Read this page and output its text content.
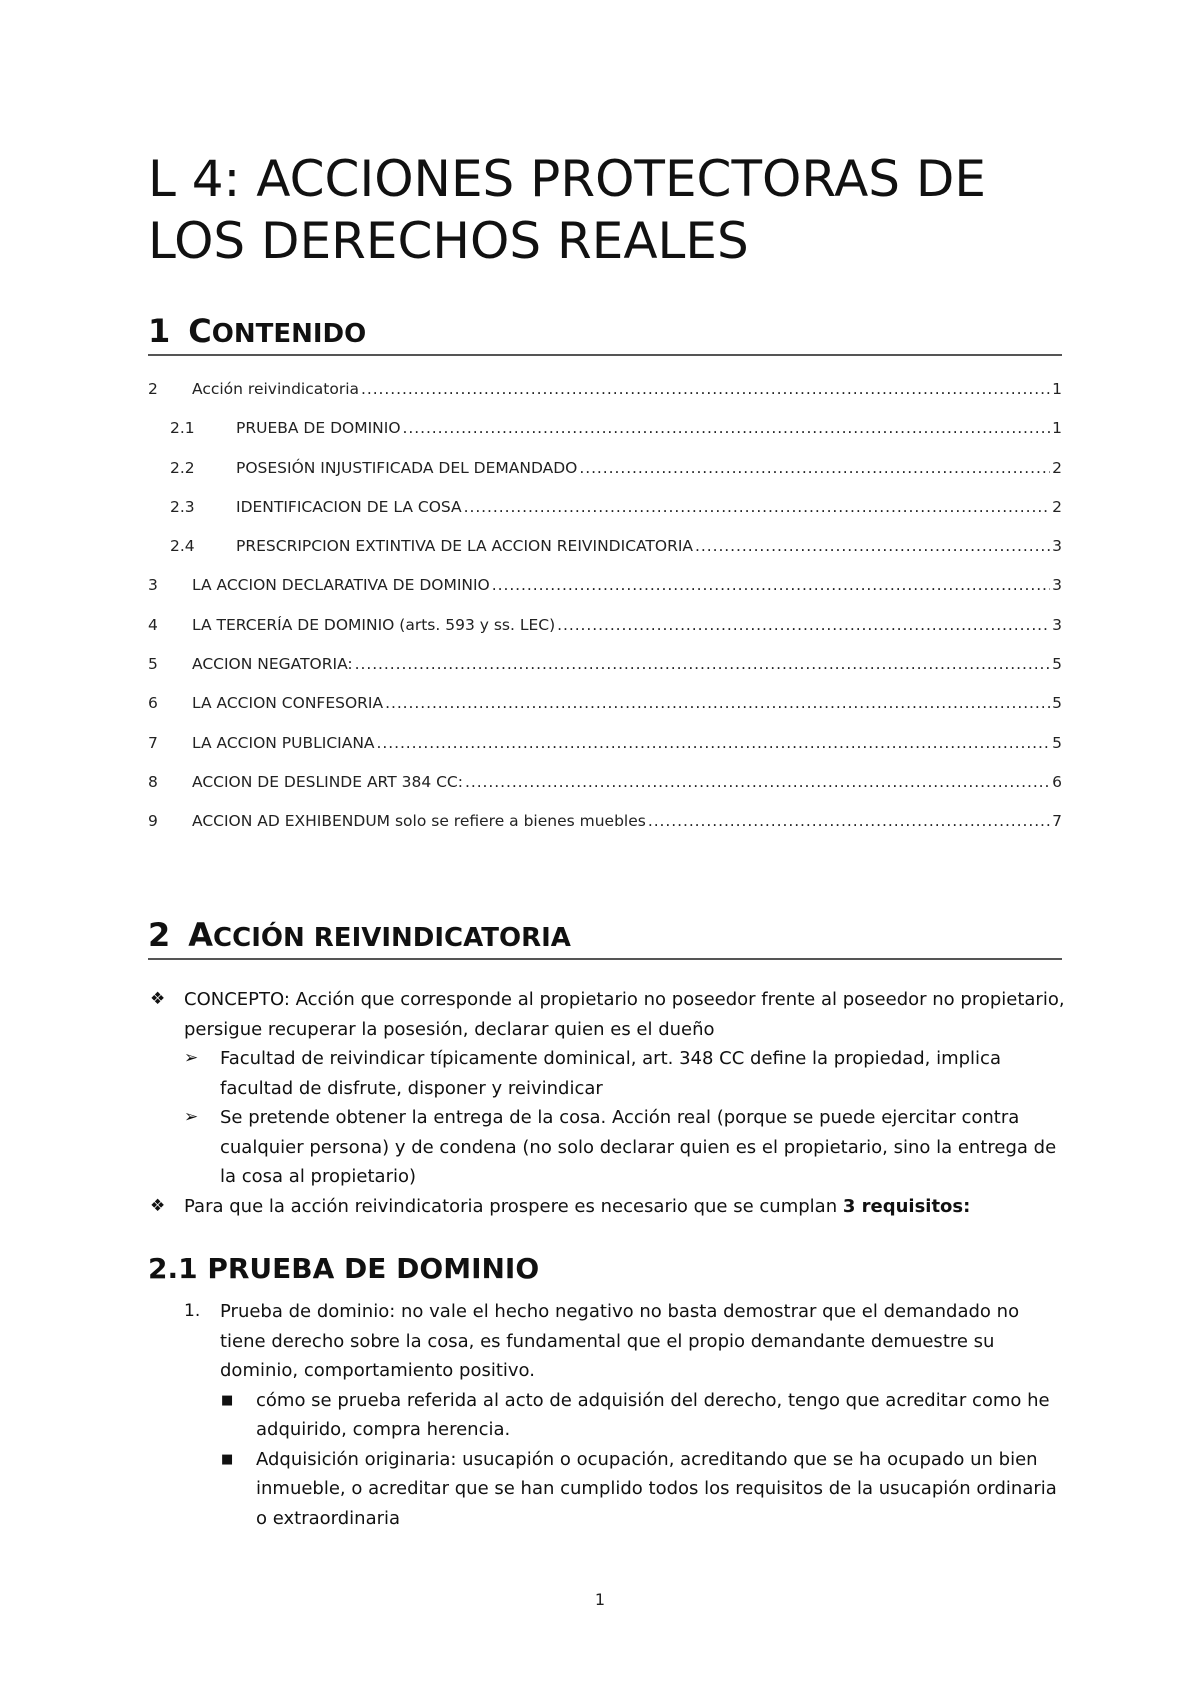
L 4: ACCIONES PROTECTORAS DE LOS DERECHOS REALES
1 CONTENIDO
2	Acción reivindicatoria . . .	1
2.1	PRUEBA DE DOMINIO . . .	1
2.2	POSESIÓN INJUSTIFICADA DEL DEMANDADO . . .	2
2.3	IDENTIFICACION DE LA COSA . . .	2
2.4	PRESCRIPCION EXTINTIVA DE LA ACCION REIVINDICATORIA . . .	3
3	LA ACCION DECLARATIVA DE DOMINIO . . .	3
4	LA TERCERÍA DE DOMINIO (arts. 593 y ss. LEC) . . .	3
5	ACCION NEGATORIA: . . .	5
6	LA ACCION CONFESORIA . . .	5
7	LA ACCION PUBLICIANA . . .	5
8	ACCION DE DESLINDE ART 384 CC: . . .	6
9	ACCION AD EXHIBENDUM solo se refiere a bienes muebles . . .	7
2 ACCIÓN REIVINDICATORIA
❖ CONCEPTO: Acción que corresponde al propietario no poseedor frente al poseedor no propietario, persigue recuperar la posesión, declarar quien es el dueño
➢ Facultad de reivindicar típicamente dominical, art. 348 CC define la propiedad, implica facultad de disfrute, disponer y reivindicar
➢ Se pretende obtener la entrega de la cosa. Acción real (porque se puede ejercitar contra cualquier persona) y de condena (no solo declarar quien es el propietario, sino la entrega de la cosa al propietario)
❖ Para que la acción reivindicatoria prospere es necesario que se cumplan 3 requisitos:
2.1 PRUEBA DE DOMINIO
1. Prueba de dominio: no vale el hecho negativo no basta demostrar que el demandado no tiene derecho sobre la cosa, es fundamental que el propio demandante demuestre su dominio, comportamiento positivo.
■ cómo se prueba referida al acto de adquisión del derecho, tengo que acreditar como he adquirido, compra herencia.
■ Adquisición originaria: usucapión o ocupación, acreditando que se ha ocupado un bien inmueble, o acreditar que se han cumplido todos los requisitos de la usucapión ordinaria o extraordinaria
1
